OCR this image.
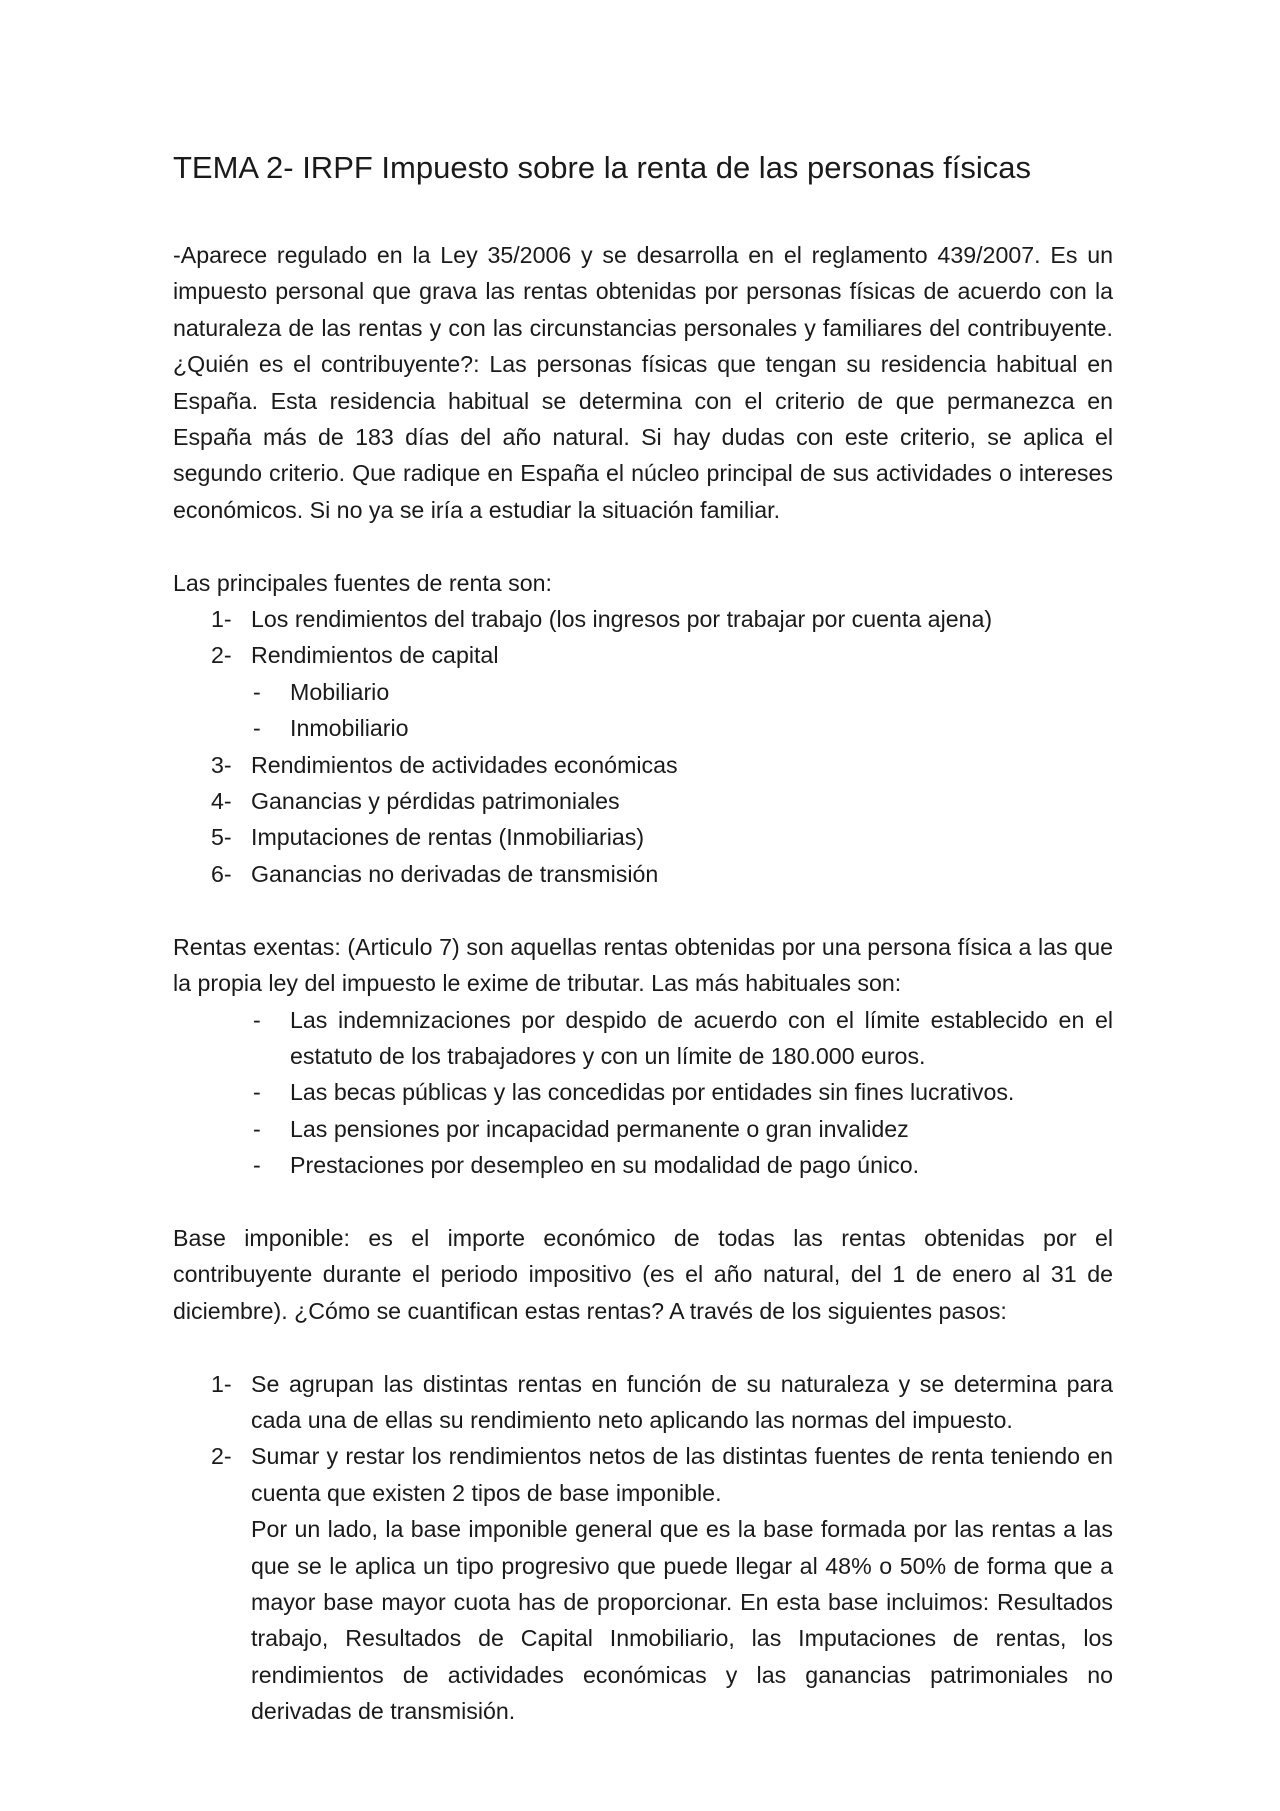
TEMA 2- IRPF Impuesto sobre la renta de las personas físicas

-Aparece regulado en la Ley 35/2006 y se desarrolla en el reglamento 439/2007. Es un impuesto personal que grava las rentas obtenidas por personas físicas de acuerdo con la naturaleza de las rentas y con las circunstancias personales y familiares del contribuyente. ¿Quién es el contribuyente?: Las personas físicas que tengan su residencia habitual en España. Esta residencia habitual se determina con el criterio de que permanezca en España más de 183 días del año natural. Si hay dudas con este criterio, se aplica el segundo criterio. Que radique en España el núcleo principal de sus actividades o intereses económicos. Si no ya se iría a estudiar la situación familiar.

Las principales fuentes de renta son:

1- Los rendimientos del trabajo (los ingresos por trabajar por cuenta ajena)
2- Rendimientos de capital
- Mobiliario
- Inmobiliario
3- Rendimientos de actividades económicas
4- Ganancias y pérdidas patrimoniales
5- Imputaciones de rentas (Inmobiliarias)
6- Ganancias no derivadas de transmisión

Rentas exentas: (Articulo 7) son aquellas rentas obtenidas por una persona física a las que la propia ley del impuesto le exime de tributar. Las más habituales son:

- Las indemnizaciones por despido de acuerdo con el límite establecido en el estatuto de los trabajadores y con un límite de 180.000 euros.
- Las becas públicas y las concedidas por entidades sin fines lucrativos.
- Las pensiones por incapacidad permanente o gran invalidez
- Prestaciones por desempleo en su modalidad de pago único.

Base imponible: es el importe económico de todas las rentas obtenidas por el contribuyente durante el periodo impositivo (es el año natural, del 1 de enero al 31 de diciembre). ¿Cómo se cuantifican estas rentas? A través de los siguientes pasos:

1- Se agrupan las distintas rentas en función de su naturaleza y se determina para cada una de ellas su rendimiento neto aplicando las normas del impuesto.
2- Sumar y restar los rendimientos netos de las distintas fuentes de renta teniendo en cuenta que existen 2 tipos de base imponible.

Por un lado, la base imponible general que es la base formada por las rentas a las que se le aplica un tipo progresivo que puede llegar al 48% o 50% de forma que a mayor base mayor cuota has de proporcionar. En esta base incluimos: Resultados trabajo, Resultados de Capital Inmobiliario, las Imputaciones de rentas, los rendimientos de actividades económicas y las ganancias patrimoniales no derivadas de transmisión.
